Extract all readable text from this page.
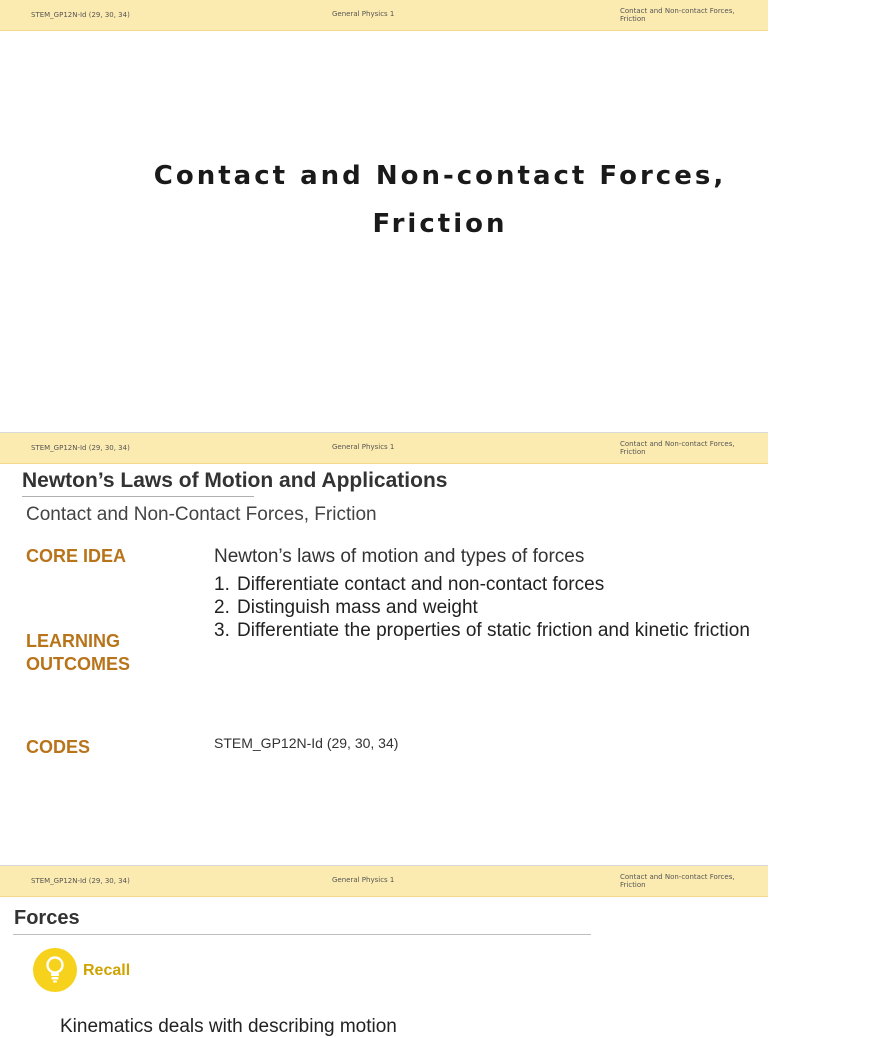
STEM_GP12N-Id (29, 30, 34)	General Physics 1	Contact and Non-contact Forces, Friction
Contact and Non-contact Forces,
Friction
STEM_GP12N-Id (29, 30, 34)	General Physics 1	Contact and Non-contact Forces, Friction
Newton’s Laws of Motion and Applications
Contact and Non-Contact Forces, Friction
CORE IDEA	Newton’s laws of motion and types of forces
LEARNING
OUTCOMES
1. Differentiate contact and non-contact forces
2. Distinguish mass and weight
3. Differentiate the properties of static friction and kinetic friction
CODES	STEM_GP12N-Id (29, 30, 34)
STEM_GP12N-Id (29, 30, 34)	General Physics 1	Contact and Non-contact Forces, Friction
Forces
Recall
Kinematics deals with describing motion
